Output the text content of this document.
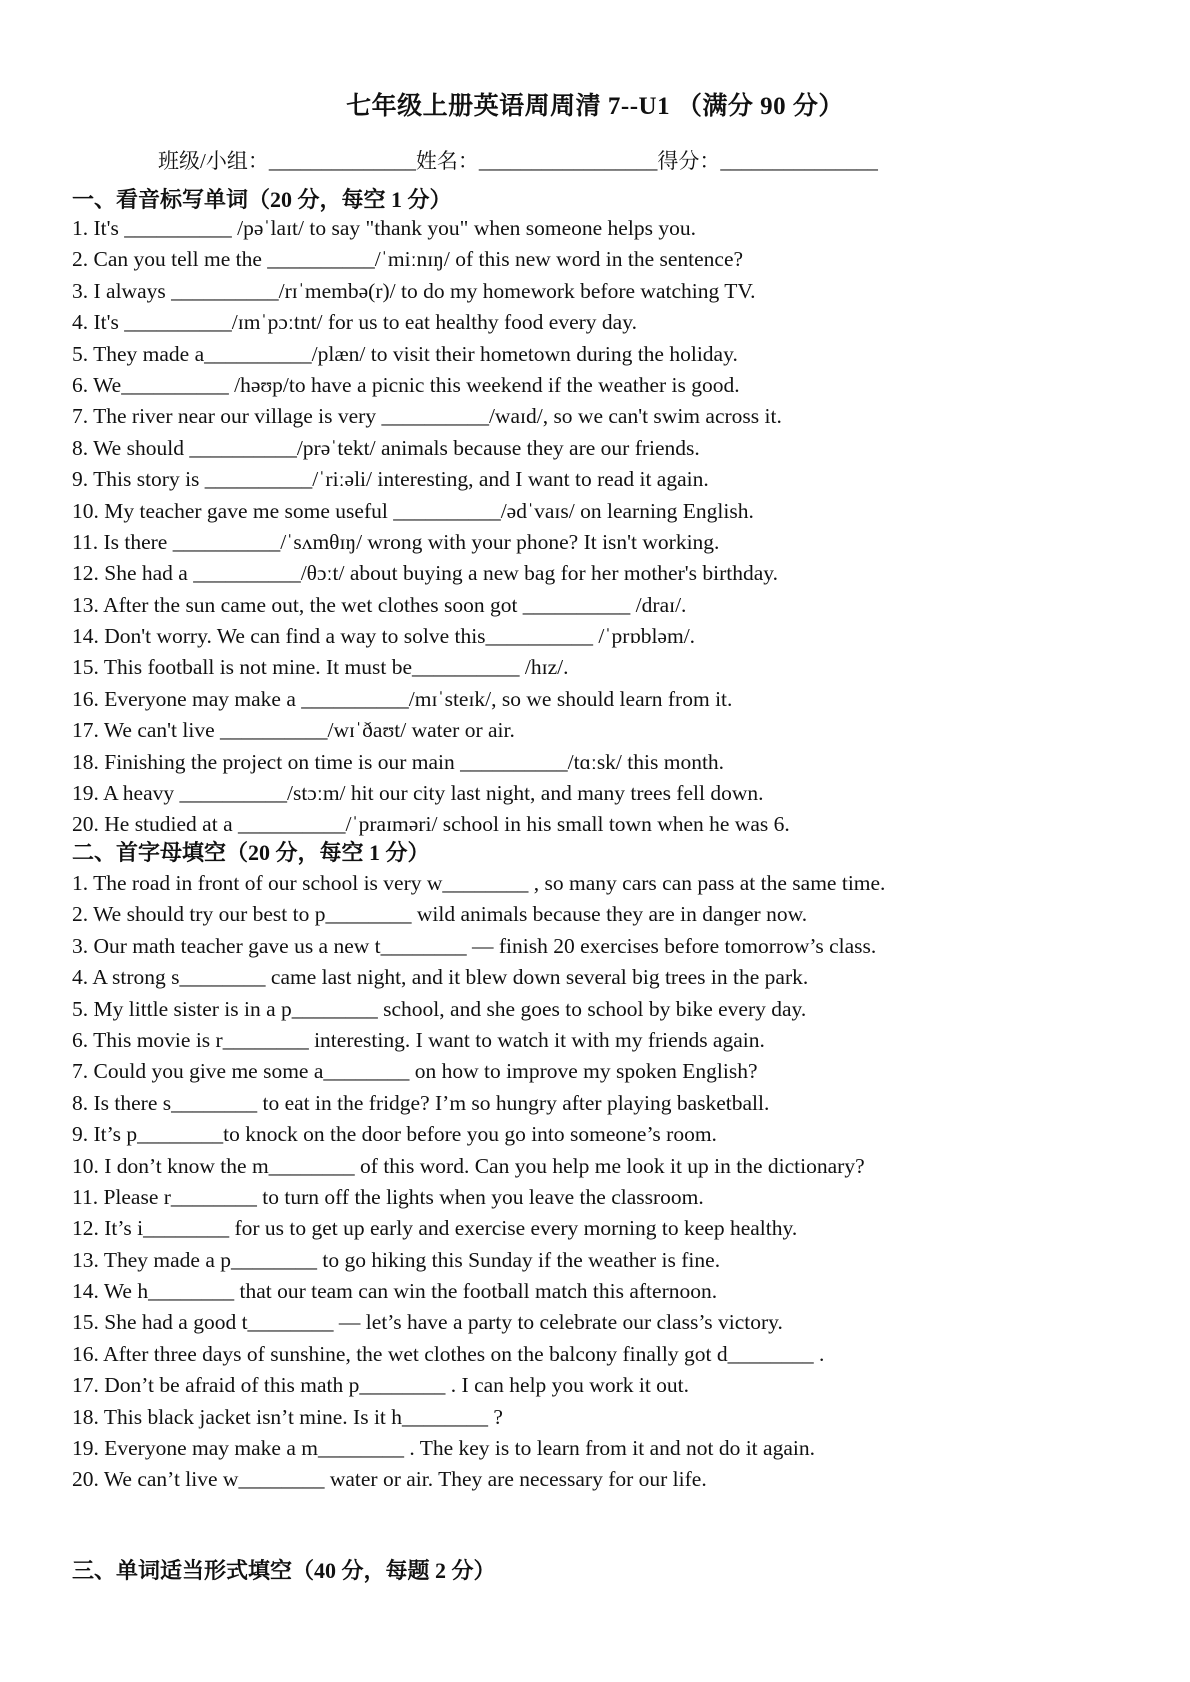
七年级上册英语周周清 7--U1 （满分 90 分）
班级/小组： ______________ 姓名： _________________ 得分： _______________
一、看音标写单词（20 分，每空 1 分）
1. It's __________ /pəˈlaɪt/ to say "thank you" when someone helps you.
2. Can you tell me the __________/ˈmiːnɪŋ/ of this new word in the sentence?
3. I always __________/rɪˈmembə(r)/ to do my homework before watching TV.
4. It's __________/ɪmˈpɔːtnt/ for us to eat healthy food every day.
5. They made a__________/plæn/ to visit their hometown during the holiday.
6. We__________ /həʊp/to have a picnic this weekend if the weather is good.
7. The river near our village is very __________/waɪd/, so we can't swim across it.
8. We should __________/prəˈtekt/ animals because they are our friends.
9. This story is __________/ˈriːəli/ interesting, and I want to read it again.
10. My teacher gave me some useful __________/ədˈvaɪs/ on learning English.
11. Is there __________/ˈsʌmθɪŋ/ wrong with your phone? It isn't working.
12. She had a __________/θɔːt/ about buying a new bag for her mother's birthday.
13. After the sun came out, the wet clothes soon got __________ /draɪ/.
14. Don't worry. We can find a way to solve this__________ /ˈprɒbləm/.
15. This football is not mine. It must be__________ /hɪz/.
16. Everyone may make a __________/mɪˈsteɪk/, so we should learn from it.
17. We can't live __________/wɪˈðaʊt/ water or air.
18. Finishing the project on time is our main __________/tɑːsk/ this month.
19. A heavy __________/stɔːm/ hit our city last night, and many trees fell down.
20. He studied at a __________/ˈpraɪməri/ school in his small town when he was 6.
二、首字母填空（20 分，每空 1 分）
1. The road in front of our school is very w________ , so many cars can pass at the same time.
2. We should try our best to p________ wild animals because they are in danger now.
3. Our math teacher gave us a new t________ — finish 20 exercises before tomorrow’s class.
4. A strong s________ came last night, and it blew down several big trees in the park.
5. My little sister is in a p________ school, and she goes to school by bike every day.
6. This movie is r________ interesting. I want to watch it with my friends again.
7. Could you give me some a________ on how to improve my spoken English?
8. Is there s________ to eat in the fridge? I’m so hungry after playing basketball.
9. It’s p________to knock on the door before you go into someone’s room.
10. I don’t know the m________ of this word. Can you help me look it up in the dictionary?
11. Please r________ to turn off the lights when you leave the classroom.
12. It’s i________ for us to get up early and exercise every morning to keep healthy.
13. They made a p________ to go hiking this Sunday if the weather is fine.
14. We h________ that our team can win the football match this afternoon.
15. She had a good t________ — let’s have a party to celebrate our class’s victory.
16. After three days of sunshine, the wet clothes on the balcony finally got d________ .
17. Don’t be afraid of this math p________ . I can help you work it out.
18. This black jacket isn’t mine. Is it h________ ?
19. Everyone may make a m________ . The key is to learn from it and not do it again.
20. We can’t live w________ water or air. They are necessary for our life.
三、单词适当形式填空（40 分，每题 2 分）
